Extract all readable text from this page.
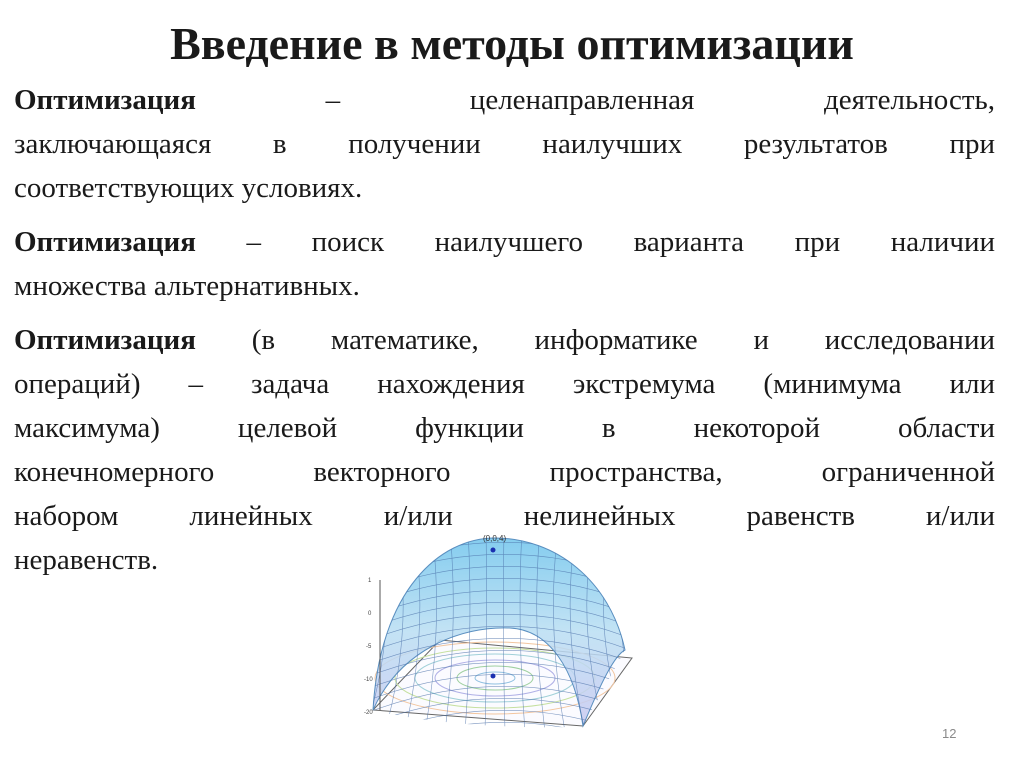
Введение в методы оптимизации
Оптимизация – целенаправленная деятельность,
заключающаяся в получении наилучших результатов при
соответствующих условиях.
Оптимизация – поиск наилучшего варианта при наличии
множества альтернативных.
Оптимизация (в математике, информатике и исследовании
операций) – задача нахождения экстремума (минимума или
максимума) целевой функции в некоторой области
конечномерного векторного пространства, ограниченной
набором линейных и/или нелинейных равенств и/или
неравенств.
1
0
-5
-10
-20
(0,0,4)
12
